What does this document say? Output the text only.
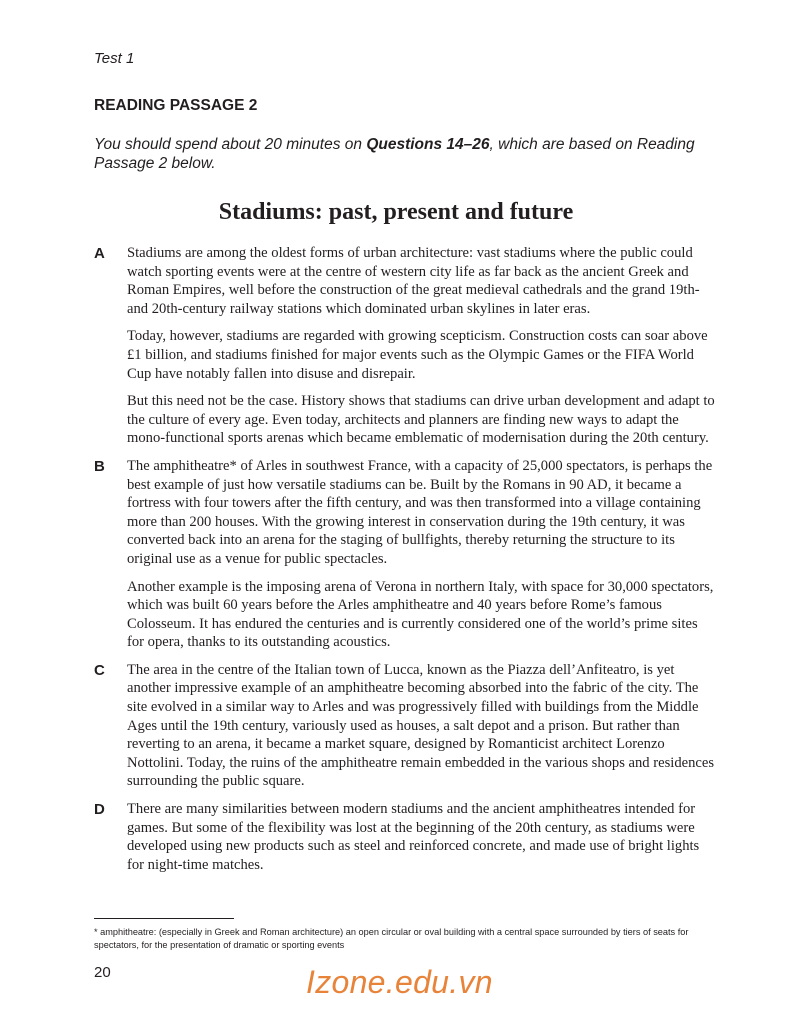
Test 1
READING PASSAGE 2
You should spend about 20 minutes on Questions 14–26, which are based on Reading Passage 2 below.
Stadiums: past, present and future
A	Stadiums are among the oldest forms of urban architecture: vast stadiums where the public could watch sporting events were at the centre of western city life as far back as the ancient Greek and Roman Empires, well before the construction of the great medieval cathedrals and the grand 19th- and 20th-century railway stations which dominated urban skylines in later eras.

Today, however, stadiums are regarded with growing scepticism. Construction costs can soar above £1 billion, and stadiums finished for major events such as the Olympic Games or the FIFA World Cup have notably fallen into disuse and disrepair.

But this need not be the case. History shows that stadiums can drive urban development and adapt to the culture of every age. Even today, architects and planners are finding new ways to adapt the mono-functional sports arenas which became emblematic of modernisation during the 20th century.

B	The amphitheatre* of Arles in southwest France, with a capacity of 25,000 spectators, is perhaps the best example of just how versatile stadiums can be. Built by the Romans in 90 AD, it became a fortress with four towers after the fifth century, and was then transformed into a village containing more than 200 houses. With the growing interest in conservation during the 19th century, it was converted back into an arena for the staging of bullfights, thereby returning the structure to its original use as a venue for public spectacles.

Another example is the imposing arena of Verona in northern Italy, with space for 30,000 spectators, which was built 60 years before the Arles amphitheatre and 40 years before Rome’s famous Colosseum. It has endured the centuries and is currently considered one of the world’s prime sites for opera, thanks to its outstanding acoustics.

C	The area in the centre of the Italian town of Lucca, known as the Piazza dell’Anfiteatro, is yet another impressive example of an amphitheatre becoming absorbed into the fabric of the city. The site evolved in a similar way to Arles and was progressively filled with buildings from the Middle Ages until the 19th century, variously used as houses, a salt depot and a prison. But rather than reverting to an arena, it became a market square, designed by Romanticist architect Lorenzo Nottolini. Today, the ruins of the amphitheatre remain embedded in the various shops and residences surrounding the public square.

D	There are many similarities between modern stadiums and the ancient amphitheatres intended for games. But some of the flexibility was lost at the beginning of the 20th century, as stadiums were developed using new products such as steel and reinforced concrete, and made use of bright lights for night-time matches.

* amphitheatre: (especially in Greek and Roman architecture) an open circular or oval building with a central space surrounded by tiers of seats for spectators, for the presentation of dramatic or sporting events
20	Izone.edu.vn
